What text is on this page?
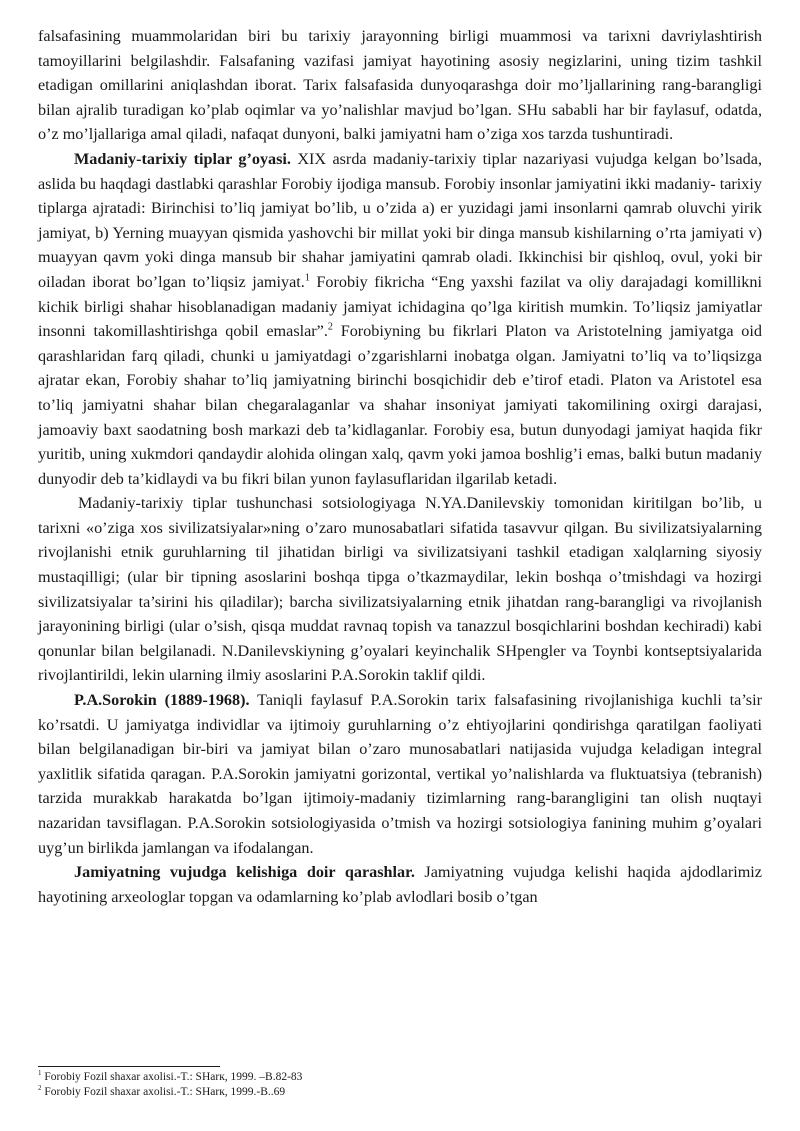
falsafasining muammolaridan biri bu tarixiy jarayonning birligi muammosi va tarixni davriylashtirish tamoyillarini belgilashdir. Falsafaning vazifasi jamiyat hayotining asosiy negizlarini, uning tizim tashkil etadigan omillarini aniqlashdan iborat. Tarix falsafasida dunyoqarashga doir mo’ljallarining rang-barangligi bilan ajralib turadigan ko’plab oqimlar va yo’nalishlar mavjud bo’lgan. SHu sababli har bir faylasuf, odatda, o’z mo’ljallariga amal qiladi, nafaqat dunyoni, balki jamiyatni ham o’ziga xos tarzda tushuntiradi.

Madaniy-tarixiy tiplar g’oyasi. XIX asrda madaniy-tarixiy tiplar nazariyasi vujudga kelgan bo’lsada, aslida bu haqdagi dastlabki qarashlar Forobiy ijodiga mansub. Forobiy insonlar jamiyatini ikki madaniy- tarixiy tiplarga ajratadi: Birinchisi to’liq jamiyat bo’lib, u o’zida a) er yuzidagi jami insonlarni qamrab oluvchi yirik jamiyat, b) Yerning muayyan qismida yashovchi bir millat yoki bir dinga mansub kishilarning o’rta jamiyati v) muayyan qavm yoki dinga mansub bir shahar jamiyatini qamrab oladi. Ikkinchisi bir qishloq, ovul, yoki bir oiladan iborat bo’lgan to’liqsiz jamiyat.$^1$ Forobiy fikricha “Eng yaxshi fazilat va oliy darajadagi komillikni kichik birligi shahar hisoblanadigan madaniy jamiyat ichidagina qo’lga kiritish mumkin. To’liqsiz jamiyatlar insonni takomillashtirishga qobil emaslar”.$^2$ Forobiyning bu fikrlari Platon va Aristotelning jamiyatga oid qarashlaridan farq qiladi, chunki u jamiyatdagi o’zgarishlarni inobatga olgan. Jamiyatni to’liq va to’liqsizga ajratar ekan, Forobiy shahar to’liq jamiyatning birinchi bosqichidir deb e’tirof etadi. Platon va Aristotel esa to’liq jamiyatni shahar bilan chegaralaganlar va shahar insoniyat jamiyati takomilining oxirgi darajasi, jamoaviy baxt saodatning bosh markazi deb ta’kidlaganlar. Forobiy esa, butun dunyodagi jamiyat haqida fikr yuritib, uning xukmdori qandaydir alohida olingan xalq, qavm yoki jamoa boshlig’i emas, balki butun madaniy dunyodir deb ta’kidlaydi va bu fikri bilan yunon faylasuflaridan ilgarilab ketadi.

Madaniy-tarixiy tiplar tushunchasi sotsiologiyaga N.YA.Danilevskiy tomonidan kiritilgan bo’lib, u tarixni «o’ziga xos sivilizatsiyalar»ning o’zaro munosabatlari sifatida tasavvur qilgan. Bu sivilizatsiyalarning rivojlanishi etnik guruhlarning til jihatidan birligi va sivilizatsiyani tashkil etadigan xalqlarning siyosiy mustaqilligi; (ular bir tipning asoslarini boshqa tipga o’tkazmaydilar, lekin boshqa o’tmishdagi va hozirgi sivilizatsiyalar ta’sirini his qiladilar); barcha sivilizatsiyalarning etnik jihatdan rang-barangligi va rivojlanish jarayonining birligi (ular o’sish, qisqa muddat ravnaq topish va tanazzul bosqichlarini boshdan kechiradi) kabi qonunlar bilan belgilanadi. N.Danilevskiyning g’oyalari keyinchalik SHpengler va Toynbi kontseptsiyalarida rivojlantirildi, lekin ularning ilmiy asoslarini P.A.Sorokin taklif qildi.

P.A.Sorokin (1889-1968). Taniqli faylasuf P.A.Sorokin tarix falsafasining rivojlanishiga kuchli ta’sir ko’rsatdi. U jamiyatga individlar va ijtimoiy guruhlarning o’z ehtiyojlarini qondirishga qaratilgan faoliyati bilan belgilanadigan bir-biri va jamiyat bilan o’zaro munosabatlari natijasida vujudga keladigan integral yaxlitlik sifatida qaragan. P.A.Sorokin jamiyatni gorizontal, vertikal yo’nalishlarda va fluktuatsiya (tebranish) tarzida murakkab harakatda bo’lgan ijtimoiy-madaniy tizimlarning rang-barangligini tan olish nuqtayi nazaridan tavsiflagan. P.A.Sorokin sotsiologiyasida o’tmish va hozirgi sotsiologiya fanining muhim g’oyalari uyg’un birlikda jamlangan va ifodalangan.

Jamiyatning vujudga kelishiga doir qarashlar. Jamiyatning vujudga kelishi haqida ajdodlarimiz hayotining arxeologlar topgan va odamlarning ko’plab avlodlari bosib o’tgan

$^1$ Forobiy Fozil shaxar axolisi.-T.: SHarк, 1999. –B.82-83
$^2$ Forobiy Fozil shaxar axolisi.-T.: SHarк, 1999.-B..69
